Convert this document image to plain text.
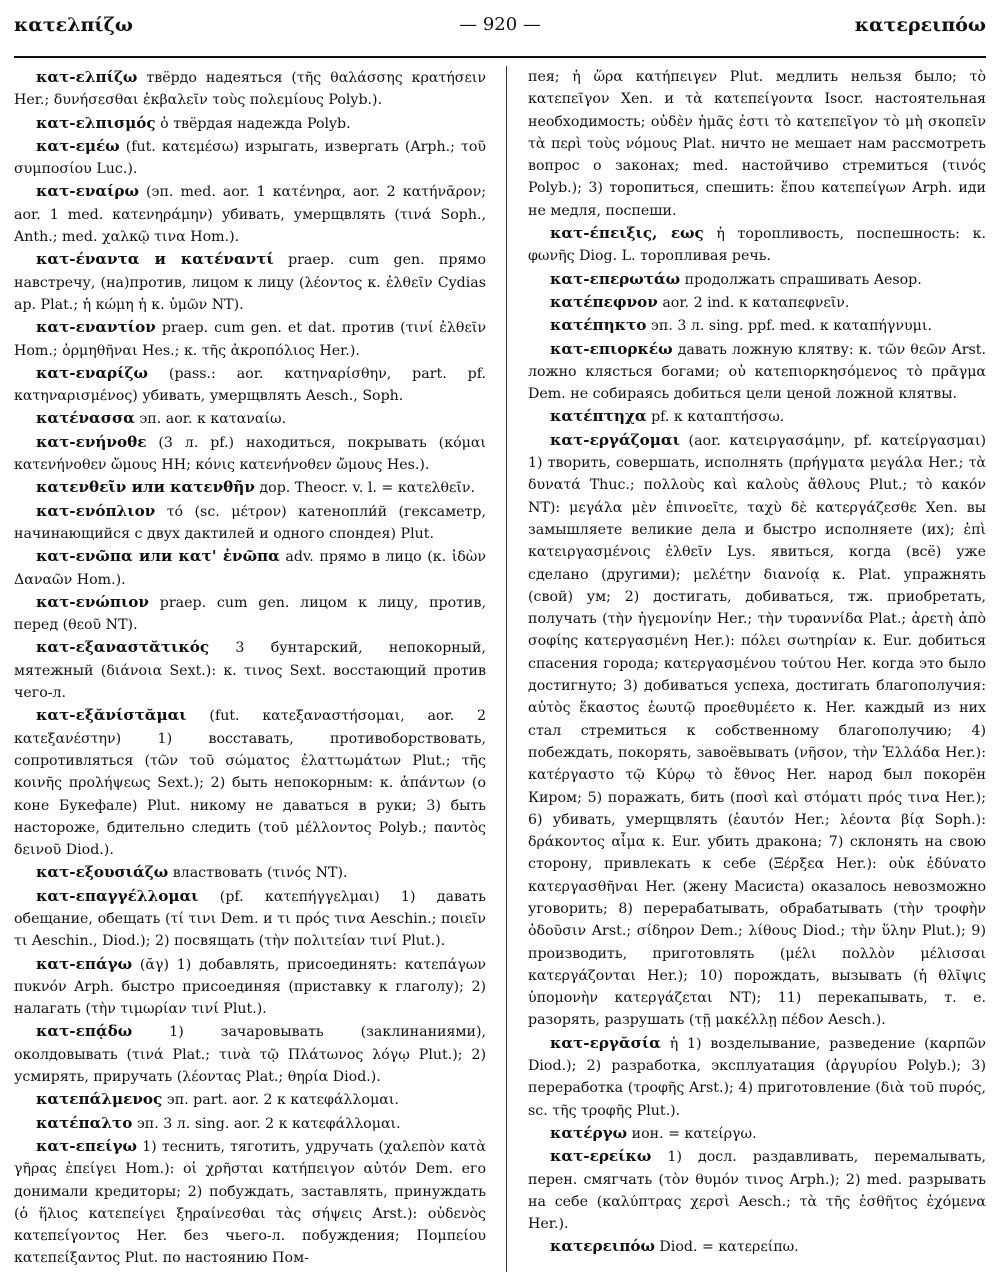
κατελπίζω	— 920 —	κατερειπόω

κατ-ελπίζω твёрдо надеяться (τῆς θαλάσσης κρατήσειν Her.; δυνήσεσθαι ἐκβαλεῖν τοὺς πολεμίους Polyb.).

κατ-ελπισμός ὁ твёрдая надежда Polyb.

κατ-εμέω (fut. κατεμέσω) изрыгать, извергать (Arph.; τοῦ συμποσίου Luc.).

κατ-εναίρω (эп. med. aor. 1 κατένηρα, aor. 2 κατήνᾱρον; aor. 1 med. κατενηράμην) убивать, умерщвлять (τινά Soph., Anth.; med. χαλκῷ τινα Hom.).

κατ-έναντα и κατέναντί praep. cum gen. прямо навстречу, (на)против, лицом к лицу (λέοντος κ. ἐλθεῖν Cydias ap. Plat.; ἡ κώμη ἡ κ. ὑμῶν NT).

κατ-εναντίον praep. cum gen. et dat. против (τινί ἐλθεῖν Hom.; ὁρμηθῆναι Hes.; κ. τῆς ἀκροπόλιος Her.).

κατ-εναρίζω (pass.: aor. κατηναρίσθην, part. pf. κατηναρισμένος) убивать, умерщвлять Aesch., Soph.

κατένασσα эп. aor. к καταναίω.

κατ-ενήνοθε (3 л. pf.) находиться, покрывать (κόμαι κατενήνοθεν ὤμους HH; κόνις κατενήνοθεν ὤμους Hes.).

κατενθεῖν или κατενθῆν дор. Theocr. v. l. = κατελθεῖν.

κατ-ενόπλιον τό (sc. μέτρον) катенопли́й (гексаметр, начинающийся с двух дактилей и одного спондея) Plut.

κατ-ενῶπα или κατ' ἐνῶπα adv. прямо в лицо (κ. ἰδὼν Δαναῶν Hom.).

κατ-ενώπιον praep. cum gen. лицом к лицу, против, перед (θεοῦ NT).

κατ-εξαναστᾰτικός 3 бунтарский, непокорный, мятежный (διάνοια Sext.): κ. τινος Sext. восстающий против чего-л.

κατ-εξᾰνίστᾰμαι (fut. κατεξαναστήσομαι, aor. 2 κατεξανέστην) 1) восставать, противоборствовать, сопротивляться (τῶν τοῦ σώματος ἐλαττωμάτων Plut.; τῆς κοινῆς προλήψεως Sext.); 2) быть непокорным: κ. ἁπάντων (о коне Букефале) Plut. никому не даваться в руки; 3) быть настороже, бдительно следить (τοῦ μέλλοντος Polyb.; παντὸς δεινοῦ Diod.).

κατ-εξουσιάζω властвовать (τινός NT).

κατ-επαγγέλλομαι (pf. κατεπήγγελμαι) 1) давать обещание, обещать (τί τινι Dem. и τι πρός τινα Aeschin.; ποιεῖν τι Aeschin., Diod.); 2) посвящать (τὴν πολιτείαν τινί Plut.).

κατ-επάγω (ᾰγ) 1) добавлять, присоединять: κατεπάγων πυκνόν Arph. быстро присоединяя (приставку к глаголу); 2) налагать (τὴν τιμωρίαν τινί Plut.).

κατ-επᾴδω 1) зачаровывать (заклинаниями), околдовывать (τινά Plat.; τινὰ τῷ Πλάτωνος λόγῳ Plut.); 2) усмирять, приручать (λέοντας Plat.; θηρία Diod.).

κατεπάλμενος эп. part. aor. 2 к κατεφάλλομαι.

κατέπαλτο эп. 3 л. sing. aor. 2 к κατεφάλλομαι.

κατ-επείγω 1) теснить, тяготить, удручать (χαλεπὸν κατὰ γῆρας ἐπείγει Hom.): οἱ χρῆσται κατήπειγον αὐτόν Dem. его донимали кредиторы; 2) побуждать, заставлять, принуждать (ὁ ἥλιος κατεπείγει ξηραίνεσθαι τὰς σήψεις Arst.): οὐδενὸς κατεπείγοντος Her. без чьего-л. побуждения; Πομπείου κατεπείξαντος Plut. по настоянию Пом-

пея; ἡ ὥρα κατήπειγεν Plut. медлить нельзя было; τὸ κατεπεῖγον Xen. и τὰ κατεπείγοντα Isocr. настоятельная необходимость; οὐδὲν ἡμᾶς ἐστι τὸ κατεπεῖγον τὸ μὴ σκοπεῖν τὰ περὶ τοὺς νόμους Plat. ничто не мешает нам рассмотреть вопрос о законах; med. настойчиво стремиться (τινός Polyb.); 3) торопиться, спешить: ἕπου κατεπείγων Arph. иди не медля, поспеши.

κατ-έπειξις, εως ἡ торопливость, поспешность: κ. φωνῆς Diog. L. торопливая речь.

κατ-επερωτάω продолжать спрашивать Aesop.

κατέπεφνον aor. 2 ind. к καταπεφνεῖν.

κατέπηκτο эп. 3 л. sing. ppf. med. к καταπήγνυμι.

κατ-επιορκέω давать ложную клятву: κ. τῶν θεῶν Arst. ложно клясться богами; οὐ κατεπιορκησόμενος τὸ πρᾶγμα Dem. не собираясь добиться цели ценой ложной клятвы.

κατέπτηχα pf. к καταπτήσσω.

κατ-εργάζομαι (aor. κατειργασάμην, pf. κατείργασμαι) 1) творить, совершать, исполнять (πρήγματα μεγάλα Her.; τὰ δυνατά Thuc.; πολλοὺς καὶ καλοὺς ἄθλους Plut.; τὸ κακόν NT): μεγάλα μὲν ἐπινοεῖτε, ταχὺ δὲ κατεργάζεσθε Xen. вы замышляете великие дела и быстро исполняете (их); ἐπὶ κατειργασμένοις ἐλθεῖν Lys. явиться, когда (всё) уже сделано (другими); μελέτην διανοίᾳ κ. Plat. упражнять (свой) ум; 2) достигать, добиваться, тж. приобретать, получать (τὴν ἡγεμονίην Her.; τὴν τυραννίδα Plat.; ἀρετὴ ἀπὸ σοφίης κατεργασμένη Her.): πόλει σωτηρίαν κ. Eur. добиться спасения города; κατεργασμένου τούτου Her. когда это было достигнуто; 3) добиваться успеха, достигать благополучия: αὐτὸς ἕκαστος ἑωυτῷ προεθυμέετο κ. Her. каждый из них стал стремиться к собственному благополучию; 4) побеждать, покорять, завоёвывать (νῆσον, τὴν Ἑλλάδα Her.): κατέργαστο τῷ Κύρῳ τὸ ἔθνος Her. народ был покорён Киром; 5) поражать, бить (ποσὶ καὶ στόματι πρός τινα Her.); 6) убивать, умерщвлять (ἑαυτόν Her.; λέοντα βίᾳ Soph.): δράκοντος αἷμα κ. Eur. убить дракона; 7) склонять на свою сторону, привлекать к себе (Ξέρξεα Her.): οὐκ ἐδύνατο κατεργασθῆναι Her. (жену Масиста) оказалось невозможно уговорить; 8) перерабатывать, обрабатывать (τὴν τροφὴν ὀδοῦσιν Arst.; σίδηρον Dem.; λίθους Diod.; τὴν ὕλην Plut.); 9) производить, приготовлять (μέλι πολλὸν μέλισσαι κατεργάζονται Her.); 10) порождать, вызывать (ἡ θλῖψις ὑπομονὴν κατεργάζεται NT); 11) перекапывать, т. е. разорять, разрушать (τῇ μακέλλῃ πέδον Aesch.).

κατ-εργᾰσία ἡ 1) возделывание, разведение (καρπῶν Diod.); 2) разработка, эксплуатация (ἀργυρίου Polyb.); 3) переработка (τροφῆς Arst.); 4) приготовление (διὰ τοῦ πυρός, sc. τῆς τροφῆς Plut.).

κατέργω ион. = κατείργω.

κατ-ερείκω 1) досл. раздавливать, перемалывать, перен. смягчать (τὸν θυμόν τινος Arph.); 2) med. разрывать на себе (καλύπτρας χερσὶ Aesch.; τὰ τῆς ἐσθῆτος ἐχόμενα Her.).

κατερειπόω Diod. = κατερείπω.
